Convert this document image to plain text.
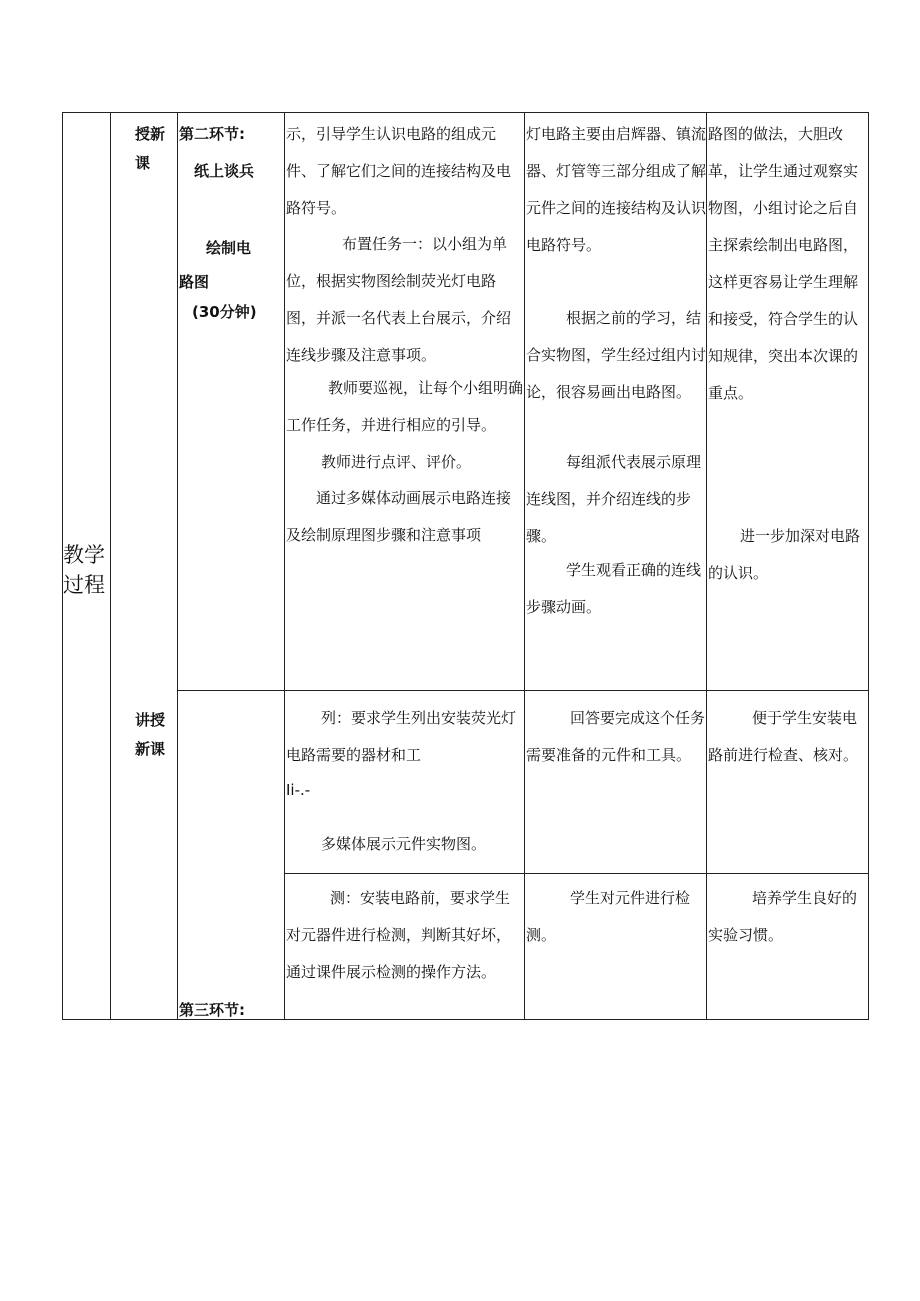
教学
过程
授新
课
讲授
新课
第二环节:
纸上谈兵
绘制电
路图
(30分钟)
第三环节:
示，引导学生认识电路的组成元件、了解它们之间的连接结构及电路符号。
布置任务一：以小组为单位，根据实物图绘制荧光灯电路图，并派一名代表上台展示，介绍连线步骤及注意事项。
教师要巡视，让每个小组明确工作任务，并进行相应的引导。
教师进行点评、评价。
通过多媒体动画展示电路连接及绘制原理图步骤和注意事项
灯电路主要由启辉器、镇流器、灯管等三部分组成了解元件之间的连接结构及认识电路符号。
根据之前的学习，结合实物图，学生经过组内讨论，很容易画出电路图。
每组派代表展示原理连线图，并介绍连线的步骤。
学生观看正确的连线步骤动画。
路图的做法，大胆改革，让学生通过观察实物图，小组讨论之后自主探索绘制出电路图，这样更容易让学生理解和接受，符合学生的认知规律，突出本次课的重点。
进一步加深对电路的认识。
列：要求学生列出安装荧光灯电路需要的器材和工
Ii-.-
多媒体展示元件实物图。
回答要完成这个任务需要准备的元件和工具。
便于学生安装电路前进行检查、核对。
测：安装电路前，要求学生对元器件进行检测，判断其好坏，通过课件展示检测的操作方法。
学生对元件进行检测。
培养学生良好的实验习惯。
